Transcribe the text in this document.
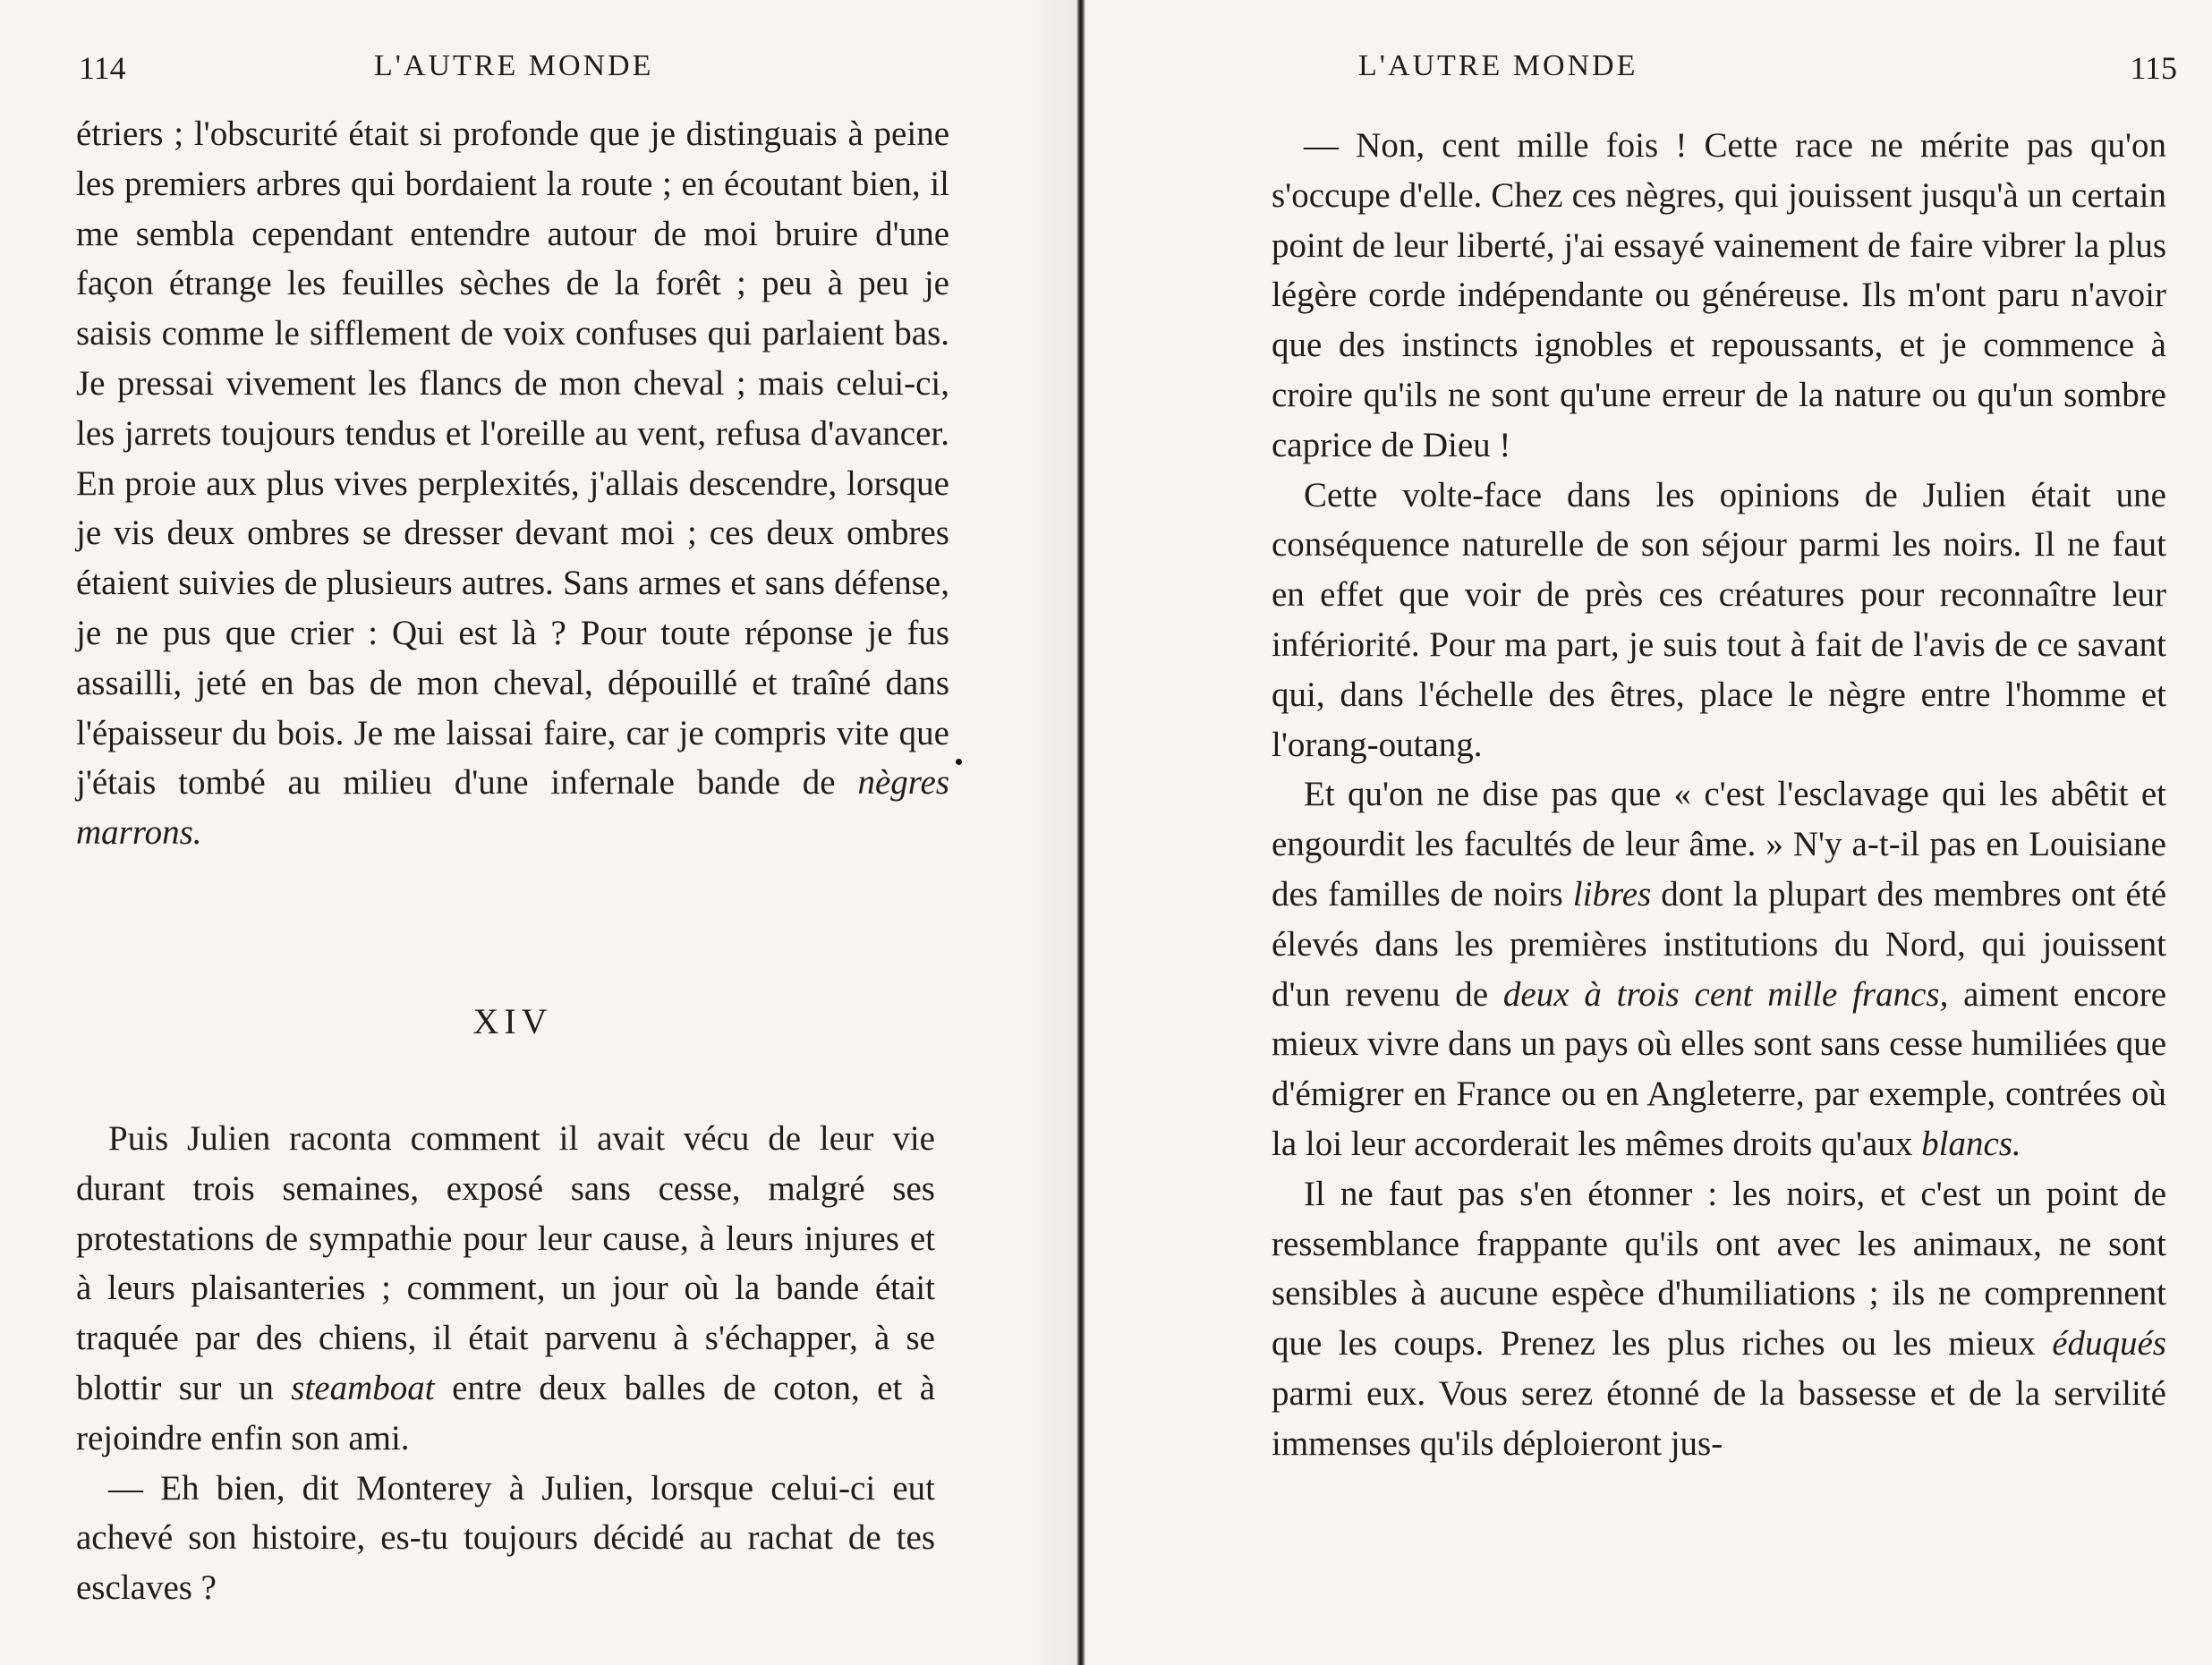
114	L'AUTRE MONDE

étriers ; l'obscurité était si profonde que je distinguais à peine les premiers arbres qui bordaient la route ; en écoutant bien, il me sembla cependant entendre autour de moi bruire d'une façon étrange les feuilles sèches de la forêt ; peu à peu je saisis comme le sifflement de voix confuses qui parlaient bas. Je pressai vivement les flancs de mon cheval ; mais celui-ci, les jarrets toujours tendus et l'oreille au vent, refusa d'avancer. En proie aux plus vives perplexités, j'allais descendre, lorsque je vis deux ombres se dresser devant moi ; ces deux ombres étaient suivies de plusieurs autres. Sans armes et sans défense, je ne pus que crier : Qui est là ? Pour toute réponse je fus assailli, jeté en bas de mon cheval, dépouillé et traîné dans l'épaisseur du bois. Je me laissai faire, car je compris vite que j'étais tombé au milieu d'une infernale bande de nègres marrons.

XIV

Puis Julien raconta comment il avait vécu de leur vie durant trois semaines, exposé sans cesse, malgré ses protestations de sympathie pour leur cause, à leurs injures et à leurs plaisanteries ; comment, un jour où la bande était traquée par des chiens, il était parvenu à s'échapper, à se blottir sur un steamboat entre deux balles de coton, et à rejoindre enfin son ami.

— Eh bien, dit Monterey à Julien, lorsque celui-ci eut achevé son histoire, es-tu toujours décidé au rachat de tes esclaves ?

L'AUTRE MONDE	115

— Non, cent mille fois ! Cette race ne mérite pas qu'on s'occupe d'elle. Chez ces nègres, qui jouissent jusqu'à un certain point de leur liberté, j'ai essayé vainement de faire vibrer la plus légère corde indépendante ou généreuse. Ils m'ont paru n'avoir que des instincts ignobles et repoussants, et je commence à croire qu'ils ne sont qu'une erreur de la nature ou qu'un sombre caprice de Dieu !

Cette volte-face dans les opinions de Julien était une conséquence naturelle de son séjour parmi les noirs. Il ne faut en effet que voir de près ces créatures pour reconnaître leur infériorité. Pour ma part, je suis tout à fait de l'avis de ce savant qui, dans l'échelle des êtres, place le nègre entre l'homme et l'orang-outang.

Et qu'on ne dise pas que « c'est l'esclavage qui les abêtit et engourdit les facultés de leur âme. » N'y a-t-il pas en Louisiane des familles de noirs libres dont la plupart des membres ont été élevés dans les premières institutions du Nord, qui jouissent d'un revenu de deux à trois cent mille francs, aiment encore mieux vivre dans un pays où elles sont sans cesse humiliées que d'émigrer en France ou en Angleterre, par exemple, contrées où la loi leur accorderait les mêmes droits qu'aux blancs.

Il ne faut pas s'en étonner : les noirs, et c'est un point de ressemblance frappante qu'ils ont avec les animaux, ne sont sensibles à aucune espèce d'humiliations ; ils ne comprennent que les coups. Prenez les plus riches ou les mieux éduqués parmi eux. Vous serez étonné de la bassesse et de la servilité immenses qu'ils déploieront jus-
